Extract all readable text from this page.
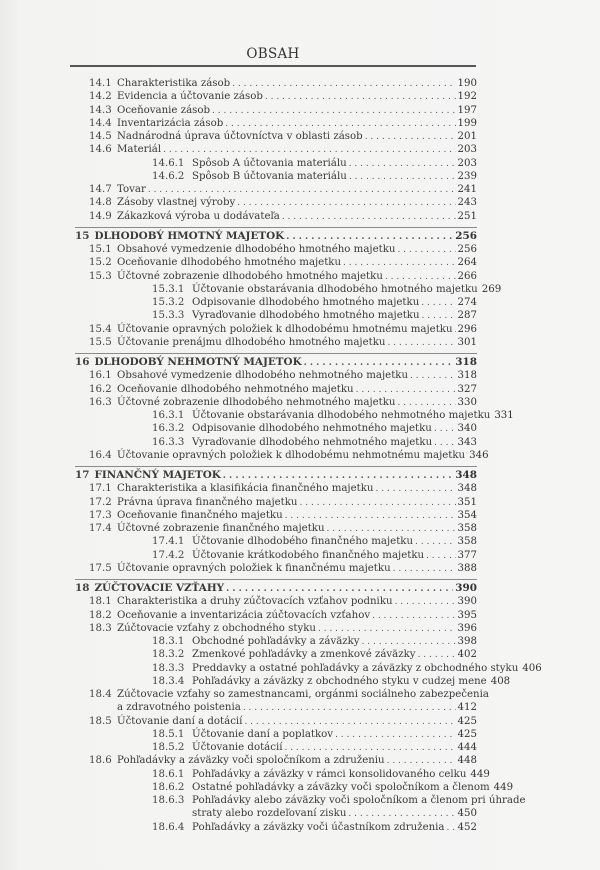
OBSAH
14.1 Charakteristika zásob . . .	190
14.2 Evidencia a účtovanie zásob . . .	192
14.3 Oceňovanie zásob . . .	197
14.4 Inventarizácia zásob . . .	199
14.5 Nadnárodná úprava účtovníctva v oblasti zásob . . .	201
14.6 Materiál . . .	203
14.6.1 Spôsob A účtovania materiálu . . .	203
14.6.2 Spôsob B účtovania materiálu . . .	239
14.7 Tovar . . .	241
14.8 Zásoby vlastnej výroby . . .	243
14.9 Zákazková výroba u dodávateľa . . .	251
15 DLHODOBÝ HMOTNÝ MAJETOK . . .	256
15.1 Obsahové vymedzenie dlhodobého hmotného majetku . . .	256
15.2 Oceňovanie dlhodobého hmotného majetku . . .	264
15.3 Účtovné zobrazenie dlhodobého hmotného majetku . . .	266
15.3.1 Účtovanie obstarávania dlhodobého hmotného majetku 269
15.3.2 Odpisovanie dlhodobého hmotného majetku . . .	274
15.3.3 Vyraďovanie dlhodobého hmotného majetku . . .	287
15.4 Účtovanie opravných položiek k dlhodobému hmotnému majetku . . . 296
15.5 Účtovanie prenájmu dlhodobého hmotného majetku . . .	301
16 DLHODOBÝ NEHMOTNÝ MAJETOK . . .	318
16.1 Obsahové vymedzenie dlhodobého nehmotného majetku . . .	318
16.2 Oceňovanie dlhodobého nehmotného majetku . . .	327
16.3 Účtovné zobrazenie dlhodobého nehmotného majetku . . .	330
16.3.1 Účtovanie obstarávania dlhodobého nehmotného majetku 331
16.3.2 Odpisovanie dlhodobého nehmotného majetku . . .	340
16.3.3 Vyraďovanie dlhodobého nehmotného majetku . . . 343
16.4 Účtovanie opravných položiek k dlhodobému nehmotnému majetku 346
17 FINANČNÝ MAJETOK . . .	348
17.1 Charakteristika a klasifikácia finančného majetku . . .	348
17.2 Právna úprava finančného majetku . . .	351
17.3 Oceňovanie finančného majetku . . .	354
17.4 Účtovné zobrazenie finančného majetku . . .	358
17.4.1 Účtovanie dlhodobého finančného majetku . . .	358
17.4.2 Účtovanie krátkodobého finančného majetku . . .	377
17.5 Účtovanie opravných položiek k finančnému majetku . . .	388
18 ZÚČTOVACIE VZŤAHY . . .	390
18.1 Charakteristika a druhy zúčtovacích vzťahov podniku . . .	390
18.2 Oceňovanie a inventarizácia zúčtovacích vzťahov . . .	395
18.3 Zúčtovacie vzťahy z obchodného styku . . .	396
18.3.1 Obchodné pohľadávky a záväzky . . .	398
18.3.2 Zmenkové pohľadávky a zmenkové záväzky . . .	402
18.3.3 Preddavky a ostatné pohľadávky a záväzky z obchodného styku 406
18.3.4 Pohľadávky a záväzky z obchodného styku v cudzej mene 408
18.4 Zúčtovacie vzťahy so zamestnancami, orgánmi sociálneho zabezpečenia
a zdravotného poistenia . . .	412
18.5 Účtovanie daní a dotácií . . .	425
18.5.1 Účtovanie daní a poplatkov . . .	425
18.5.2 Účtovanie dotácií . . .	444
18.6 Pohľadávky a záväzky voči spoločníkom a združeniu . . .	448
18.6.1 Pohľadávky a záväzky v rámci konsolidovaného celku 449
18.6.2 Ostatné pohľadávky a záväzky voči spoločníkom a členom 449
18.6.3 Pohľadávky alebo záväzky voči spoločníkom a členom pri úhrade
straty alebo rozdeľovaní zisku . . .	450
18.6.4 Pohľadávky a záväzky voči účastníkom združenia . . . 452
